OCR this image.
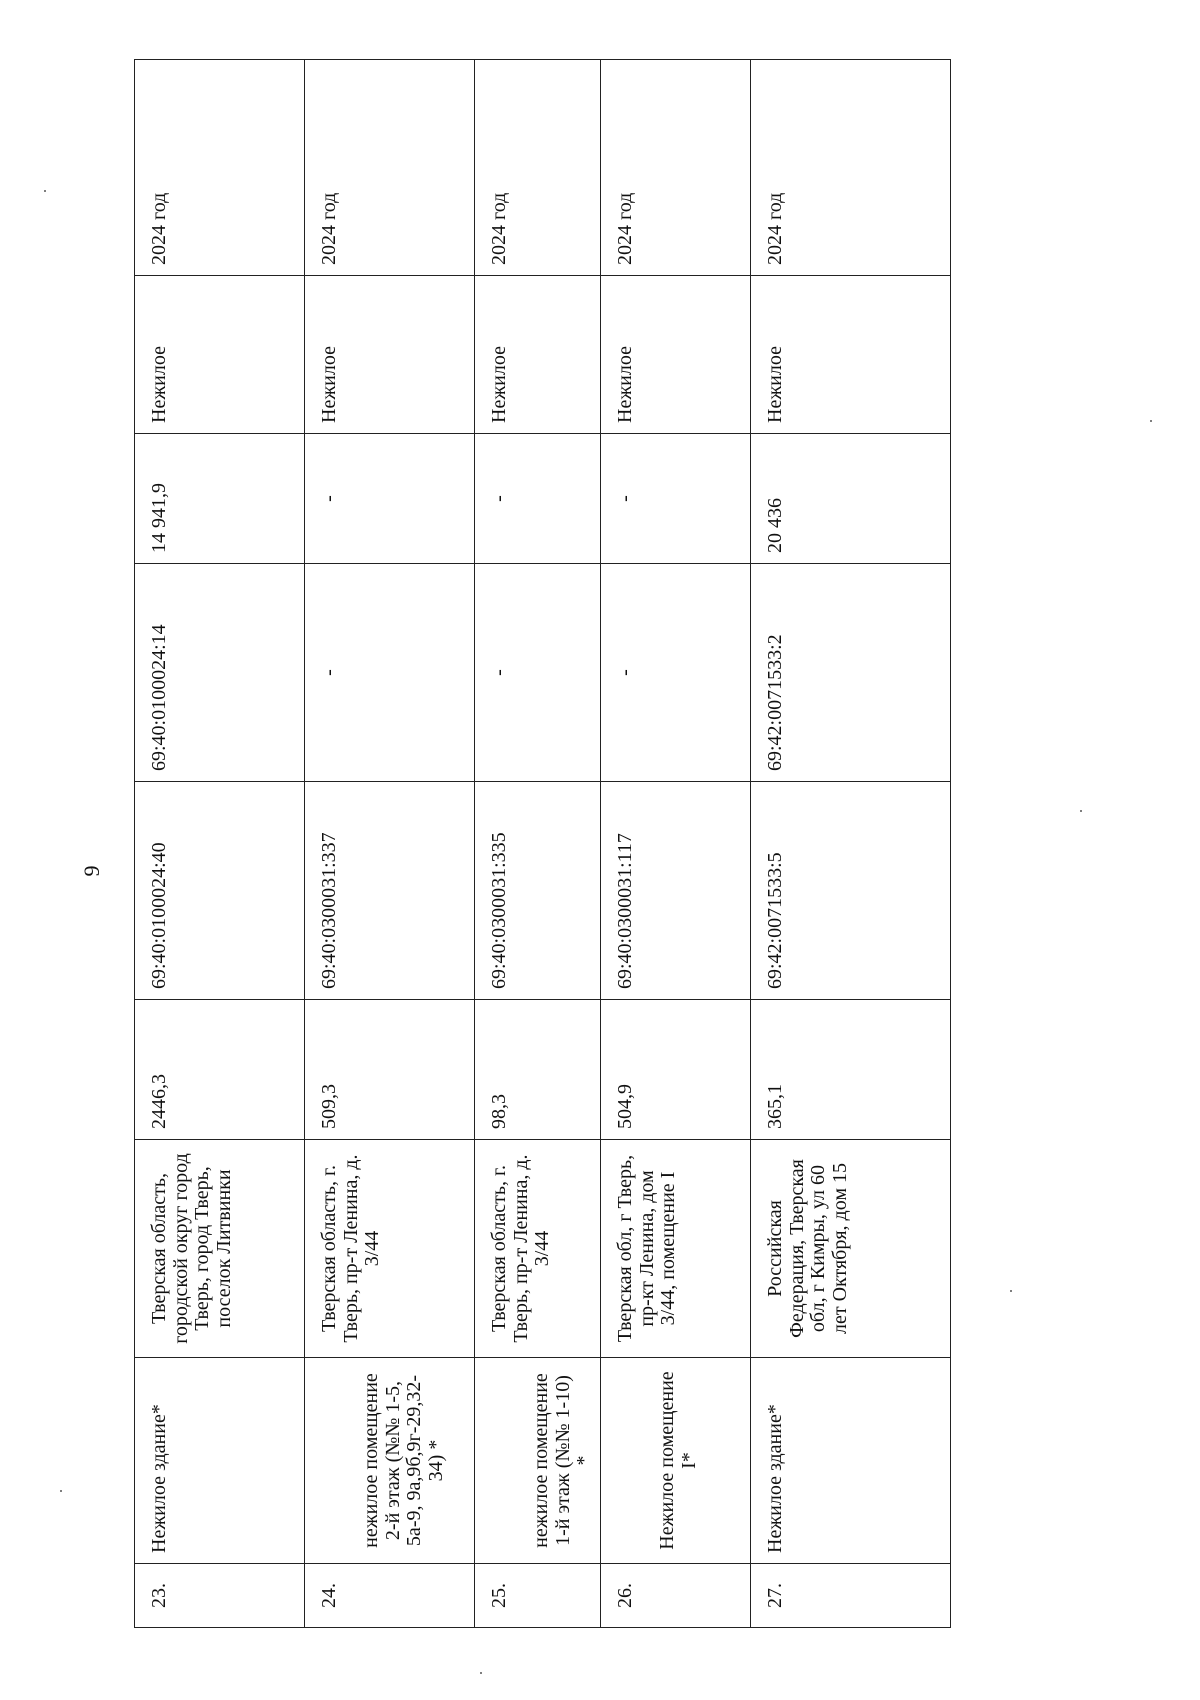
9
23.	Нежилое здание*	Тверская область, городской округ город Тверь, город Тверь, поселок Литвинки	2446,3	69:40:0100024:40	69:40:0100024:14	14 941,9	Нежилое	2024 год
24.	нежилое помещение 2-й этаж (№№ 1-5, 5а-9, 9а,9б,9г-29,32-34) *	Тверская область, г. Тверь, пр-т Ленина, д. 3/44	509,3	69:40:0300031:337	-	-	Нежилое	2024 год
25.	нежилое помещение 1-й этаж (№№ 1-10) *	Тверская область, г. Тверь, пр-т Ленина, д. 3/44	98,3	69:40:0300031:335	-	-	Нежилое	2024 год
26.	Нежилое помещение I*	Тверская обл, г Тверь, пр-кт Ленина, дом 3/44, помещение I	504,9	69:40:0300031:117	-	-	Нежилое	2024 год
27.	Нежилое здание*	Российская Федерация, Тверская обл, г Кимры, ул 60 лет Октября, дом 15	365,1	69:42:0071533:5	69:42:0071533:2	20 436	Нежилое	2024 год
